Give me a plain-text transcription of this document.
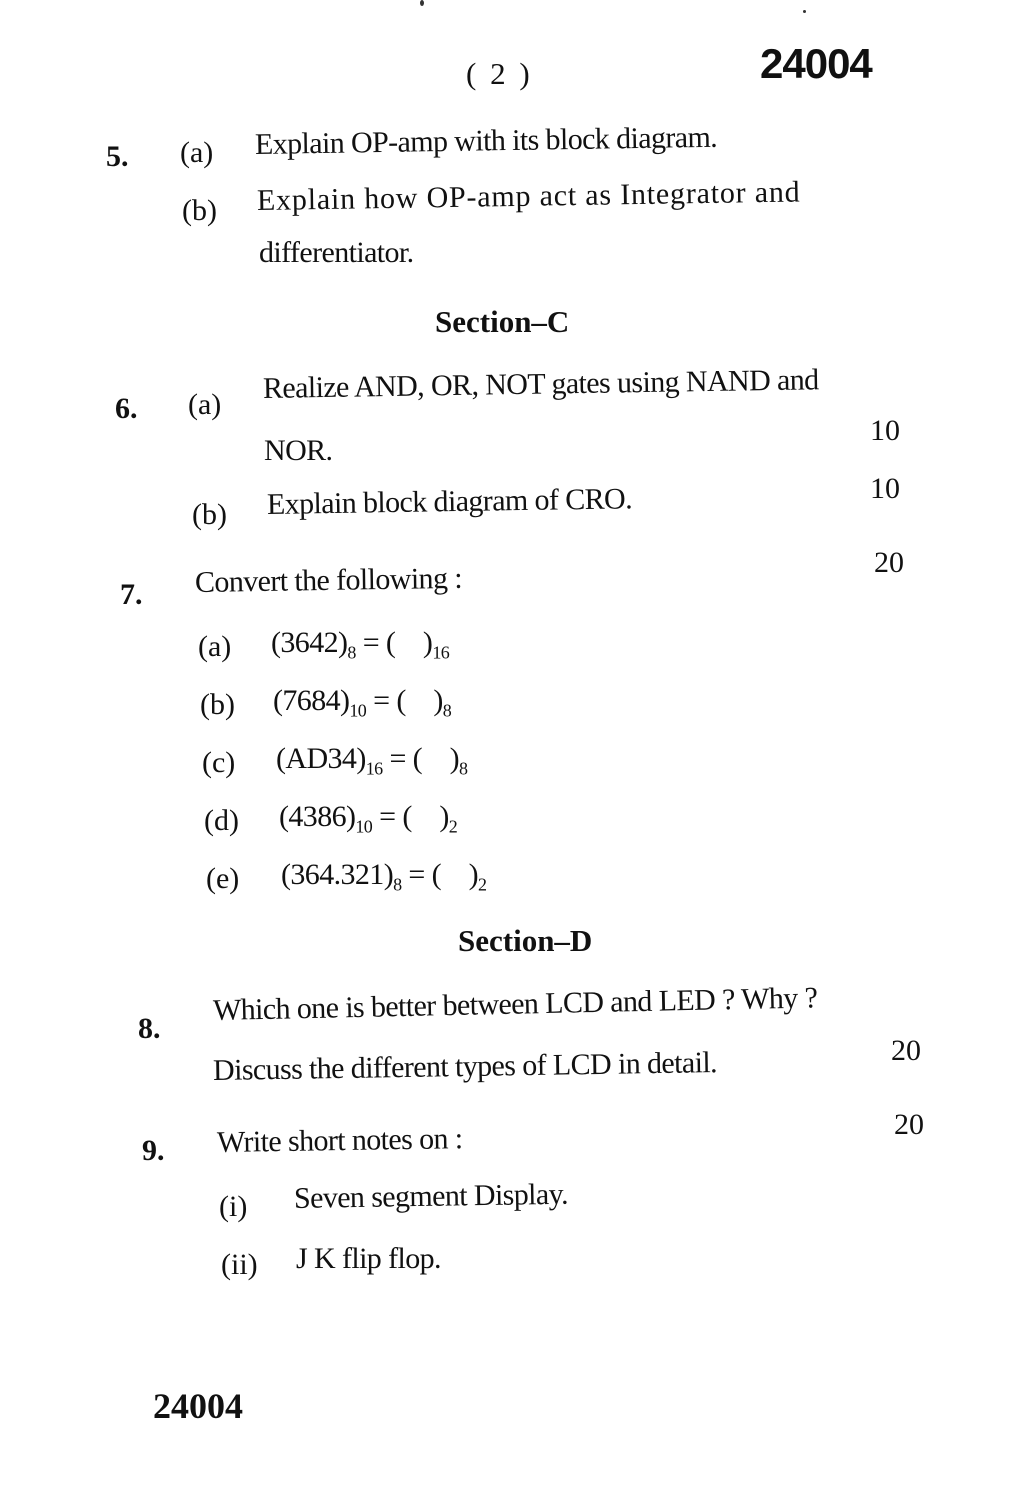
( 2 )	24004
5. (a) Explain OP-amp with its block diagram.
(b) Explain how OP-amp act as Integrator and
differentiator.
Section–C
6. (a) Realize AND, OR, NOT gates using NAND and
NOR.
10
(b) Explain block diagram of CRO.	10
7. Convert the following :	20
(a) $(3642)_8$ = ( )$_{16}$
(b) $(7684)_{10}$ = ( )$_8$
(c) $(AD34)_{16}$ = ( )$_8$
(d) $(4386)_{10}$ = ( )$_2$
(e) $(364.321)_8$ = ( )$_2$
Section–D
8.
Which one is better between LCD and LED ? Why ?
Discuss the different types of LCD in detail.	20
9. Write short notes on :	20
(i) Seven segment Display.
(ii) J K flip flop.
24004
